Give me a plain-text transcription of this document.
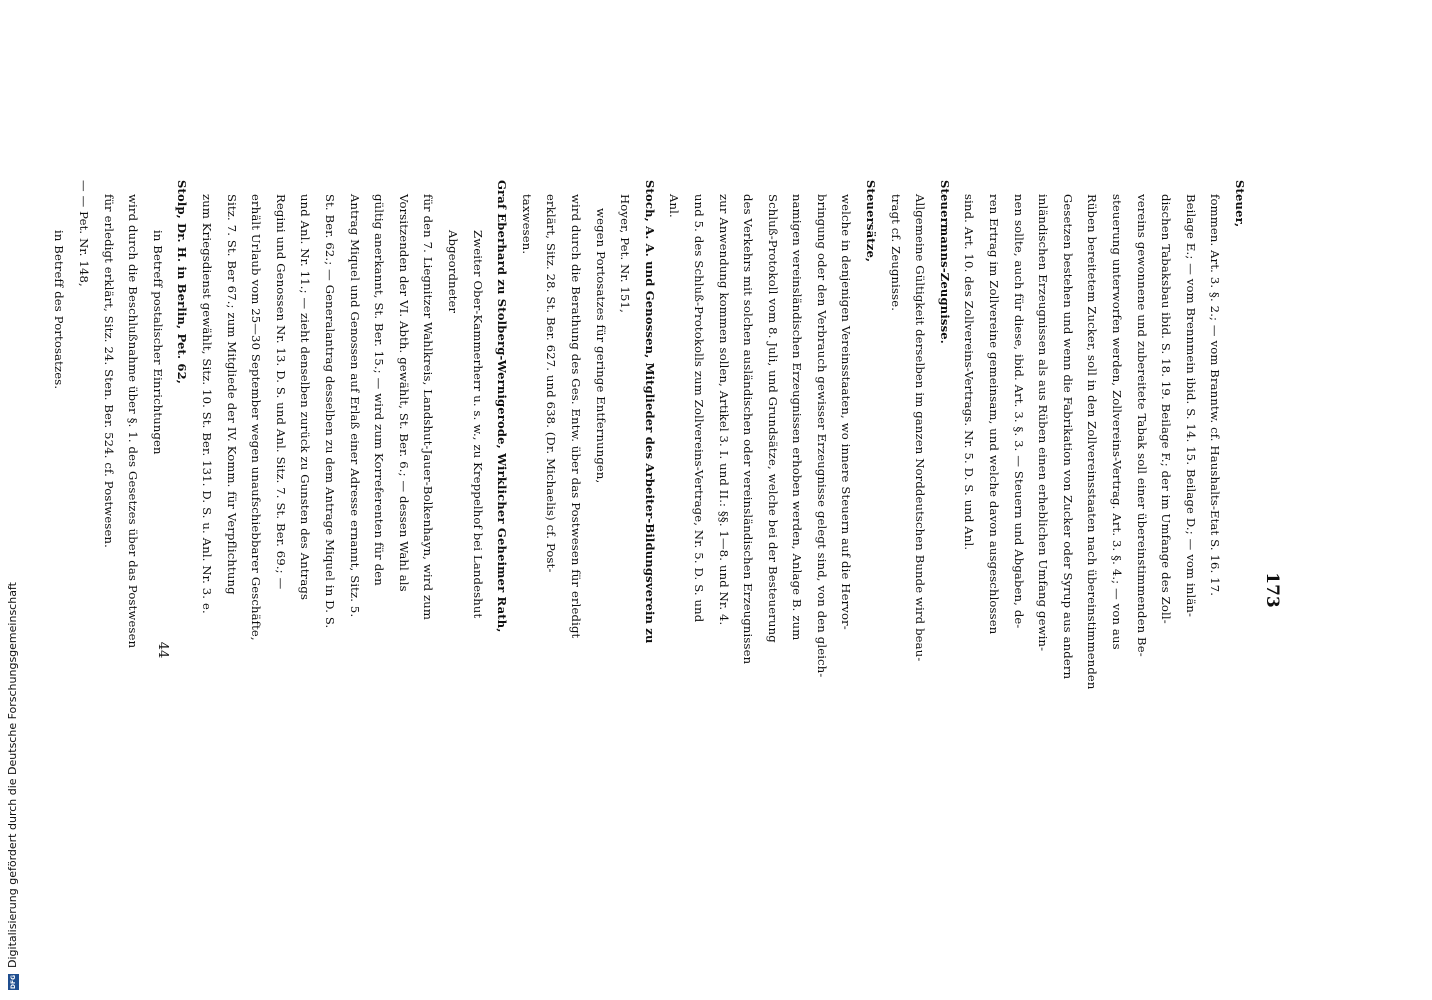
173
Steuer,
fommen. Art. 3. §. 2.; — vom Branntw. cf. Haushalts-Etat S. 16. 17.
Beilage E.; — vom Brennmein ibid. S. 14. 15. Beilage D.; — vom inlän-
dischen Tabaksbau ibid. S. 18. 19. Beilage F.; der im Umfange des Zoll-
vereins gewonnene und zubereitete Tabak soll einer übereinstimmenden Be-
steuerung unterworfen werden, Zollvereins-Vertrag. Art. 3. §. 4.; — von aus
Rüben bereitetem Zucker, soll in den Zollvereinsstaaten nach übereinstimmenden
Gesetzen bestehen und wenn die Fabrikation von Zucker oder Syrup aus andern
inländischen Erzeugnissen als aus Rüben einen erheblichen Umfang gewin-
nen sollte, auch für diese, ibid. Art. 3. §. 3. — Steuern und Abgaben, de-
ren Ertrag im Zollvereine gemeinsam, und welche davon ausgeschlossen
sind. Art. 10. des Zollvereins-Vertrags. Nr. 5. D. S. und Anl.
Steuermanns-Zeugnisse.
Allgemeine Gültigkeit derselben im ganzen Norddeutschen Bunde wird beau-
tragt cf. Zeugnisse.
Steuersätze,
welche in denjenigen Vereinsstaaten, wo innere Steuern auf die Hervor-
bringung oder den Verbrauch gewisser Erzeugnisse gelegt sind, von den gleich-
namigen vereinsländischen Erzeugnissen erhoben werden, Anlage B. zum
Schluß-Protokoll vom 8. Juli, und Grundsätze, welche bei der Besteuerung
des Verkehrs mit solchen ausländischen oder vereinsländischen Erzeugnissen
zur Anwendung kommen sollen, Artikel 3. I. und II.: §§. 1—8. und Nr. 4.
und 5. des Schluß-Protokolls zum Zollvereins-Vertrage, Nr. 5. D. S. und
Anl.
Stoch, A. A. und Genossen, Mitglieder des Arbeiter-Bildungsverein zu
Hoyer, Pet. Nr. 151,
wegen Portosatzes für geringe Entfernungen,
wird durch die Berathung des Ges. Entw. über das Postwesen für erledigt
erklärt, Sitz. 28. St. Ber. 627. und 638. (Dr. Michaelis) cf. Post-
taxwesen.
Graf Eberhard zu Stolberg-Wernigerode, Wirklicher Geheimer Rath,
Zweiter Ober-Kammerherr u. s. w., zu Kreppelhof bei Landeshut
Abgeordneter
für den 7. Liegnitzer Wahlkreis, Landshut-Jauer-Bolkenhayn, wird zum
Vorsitzenden der VI. Abth. gewählt, St. Ber. 6.; — dessen Wahl als
gültig anerkannt, St. Ber. 15.; — wird zum Korreferenten für den
Antrag Miquel und Genossen auf Erlaß einer Adresse ernannt, Sitz. 5.
St. Ber. 62.; — Generalantrag desselben zu dem Antrage Miquel in D. S.
und Anl. Nr. 11.; — zieht denselben zurück zu Gunsten des Antrags
Regini und Genossen Nr. 13. D. S. und Anl. Sitz. 7. St. Ber. 69.; —
erhält Urlaub vom 25—30 September wegen unaufschiebbarer Geschäfte,
Sitz. 7. St. Ber 67.; zum Mitgliede der IV. Komm. für Verpflichtung
zum Kriegsdienst gewählt, Sitz. 10. St. Ber. 131. D. S. u. Anl. Nr. 3. e.
Stolp, Dr. H. in Berlin, Pet. 62,
in Betreff postalischer Einrichtungen
wird durch die Beschlußnahme über §. 1. des Gesetzes über das Postwesen
für erledigt erklärt, Sitz. 24. Sten. Ber. 524. cf. Postwesen.
— — Pet. Nr. 148,
in Betreff des Portosatzes.
44
DFG
Digitalisierung gefördert durch die Deutsche Forschungsgemeinschaft
